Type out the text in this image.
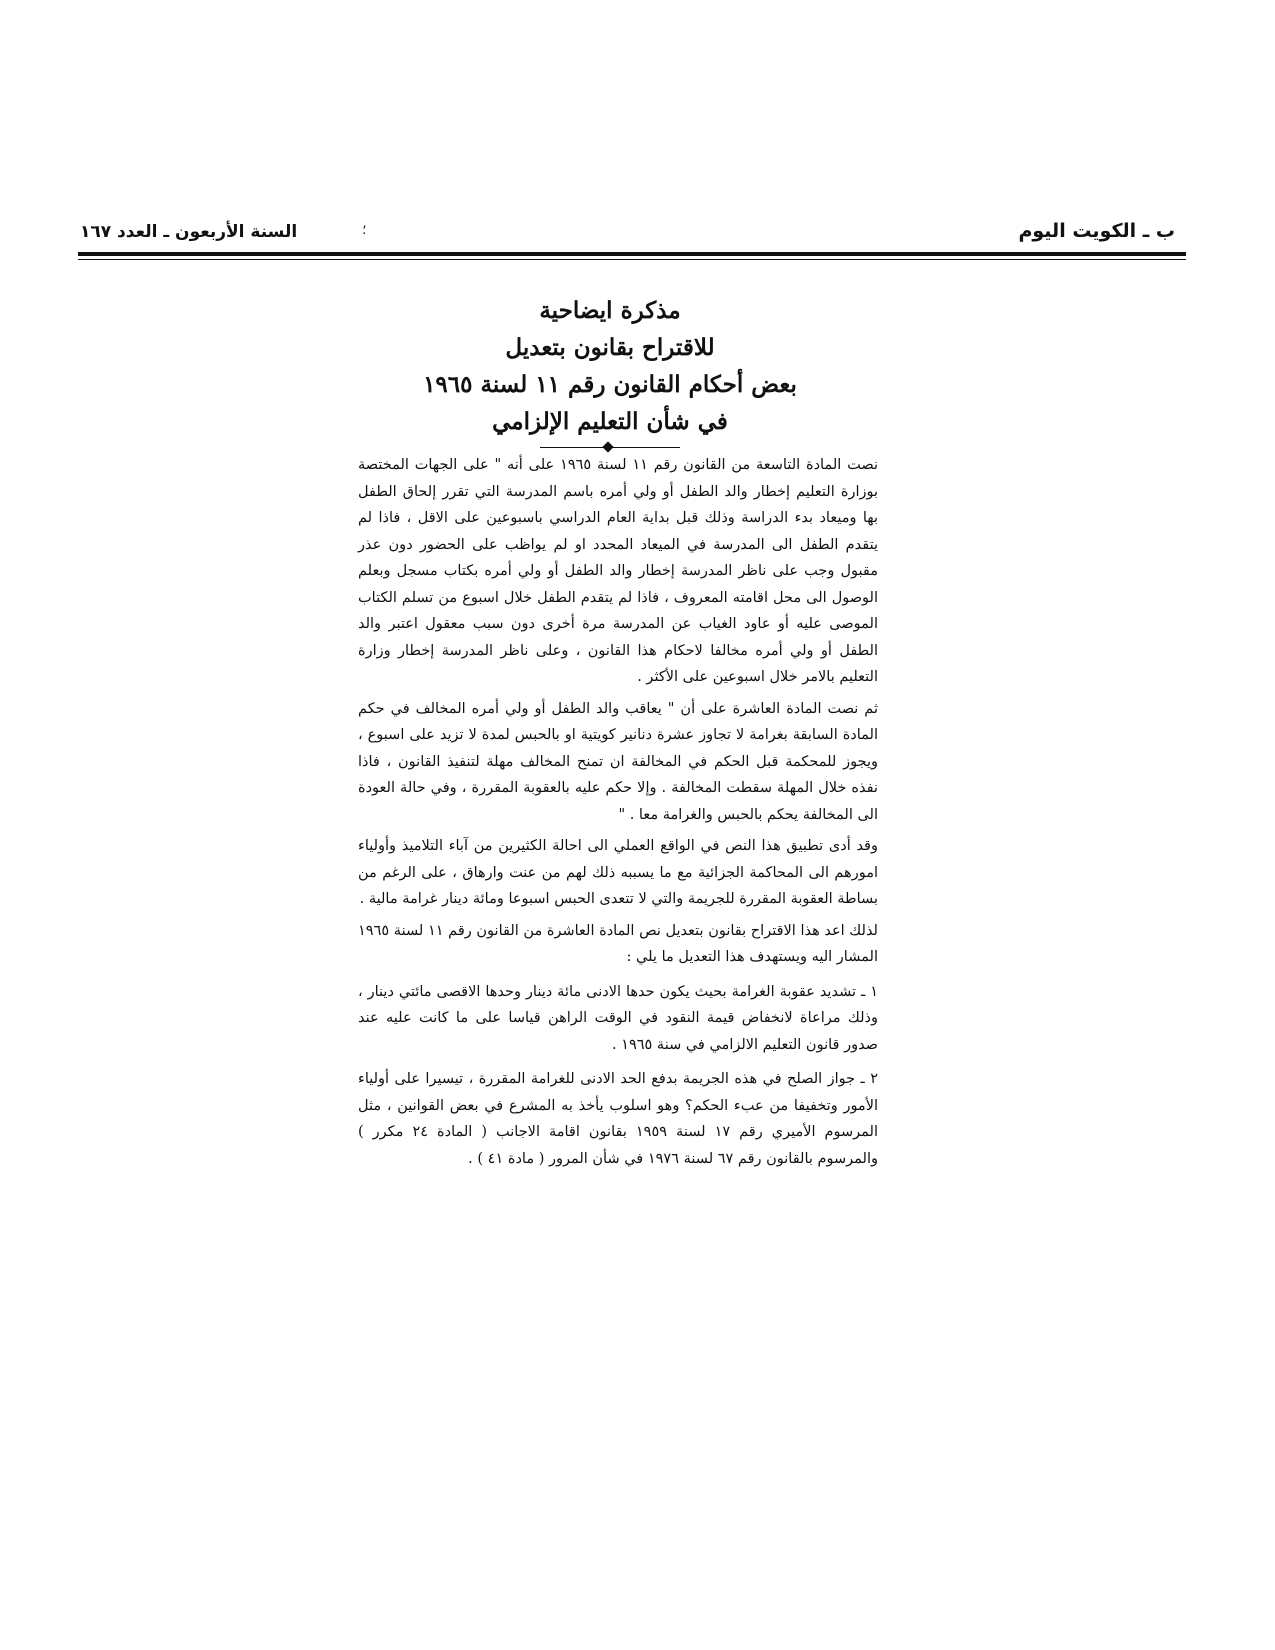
ب ـ الكويت اليوم
؛
السنة الأربعون ـ العدد ١٦٧
مذكرة ايضاحية
للاقتراح بقانون بتعديل
بعض أحكام القانون رقم ١١ لسنة ١٩٦٥
في شأن التعليم الإلزامي

نصت المادة التاسعة من القانون رقم ١١ لسنة ١٩٦٥ على أنه " على الجهات المختصة بوزارة التعليم إخطار والد الطفل أو ولي أمره باسم المدرسة التي تقرر إلحاق الطفل بها وميعاد بدء الدراسة وذلك قبل بداية العام الدراسي باسبوعين على الاقل ، فاذا لم يتقدم الطفل الى المدرسة في الميعاد المحدد او لم يواظب على الحضور دون عذر مقبول وجب على ناظر المدرسة إخطار والد الطفل أو ولي أمره بكتاب مسجل وبعلم الوصول الى محل اقامته المعروف ، فاذا لم يتقدم الطفل خلال اسبوع من تسلم الكتاب الموصى عليه أو عاود الغياب عن المدرسة مرة أخرى دون سبب معقول اعتبر والد الطفل أو ولي أمره مخالفا لاحكام هذا القانون ، وعلى ناظر المدرسة إخطار وزارة التعليم بالامر خلال اسبوعين على الأكثر .

ثم نصت المادة العاشرة على أن " يعاقب والد الطفل أو ولي أمره المخالف في حكم المادة السابقة بغرامة لا تجاوز عشرة دنانير كويتية او بالحبس لمدة لا تزيد على اسبوع ، ويجوز للمحكمة قبل الحكم في المخالفة ان تمنح المخالف مهلة لتنفيذ القانون ، فاذا نفذه خلال المهلة سقطت المخالفة . وإلا حكم عليه بالعقوبة المقررة ، وفي حالة العودة الى المخالفة يحكم بالحبس والغرامة معا . "

وقد أدى تطبيق هذا النص في الواقع العملي الى احالة الكثيرين من آباء التلاميذ وأولياء امورهم الى المحاكمة الجزائية مع ما يسببه ذلك لهم من عنت وارهاق ، على الرغم من بساطة العقوبة المقررة للجريمة والتي لا تتعدى الحبس اسبوعا ومائة دينار غرامة مالية .

لذلك اعد هذا الاقتراح بقانون بتعديل نص المادة العاشرة من القانون رقم ١١ لسنة ١٩٦٥ المشار اليه ويستهدف هذا التعديل ما يلي :

١ ـ تشديد عقوبة الغرامة بحيث يكون حدها الادنى مائة دينار وحدها الاقصى مائتي دينار ، وذلك مراعاة لانخفاض قيمة النقود في الوقت الراهن قياسا على ما كانت عليه عند صدور قانون التعليم الالزامي في سنة ١٩٦٥ .

٢ ـ جواز الصلح في هذه الجريمة بدفع الحد الادنى للغرامة المقررة ، تيسيرا على أولياء الأمور وتخفيفا من عبء الحكم؟ وهو اسلوب يأخذ به المشرع في بعض القوانين ، مثل المرسوم الأميري رقم ١٧ لسنة ١٩٥٩ بقانون اقامة الاجانب ( المادة ٢٤ مكرر ) والمرسوم بالقانون رقم ٦٧ لسنة ١٩٧٦ في شأن المرور ( مادة ٤١ ) .
